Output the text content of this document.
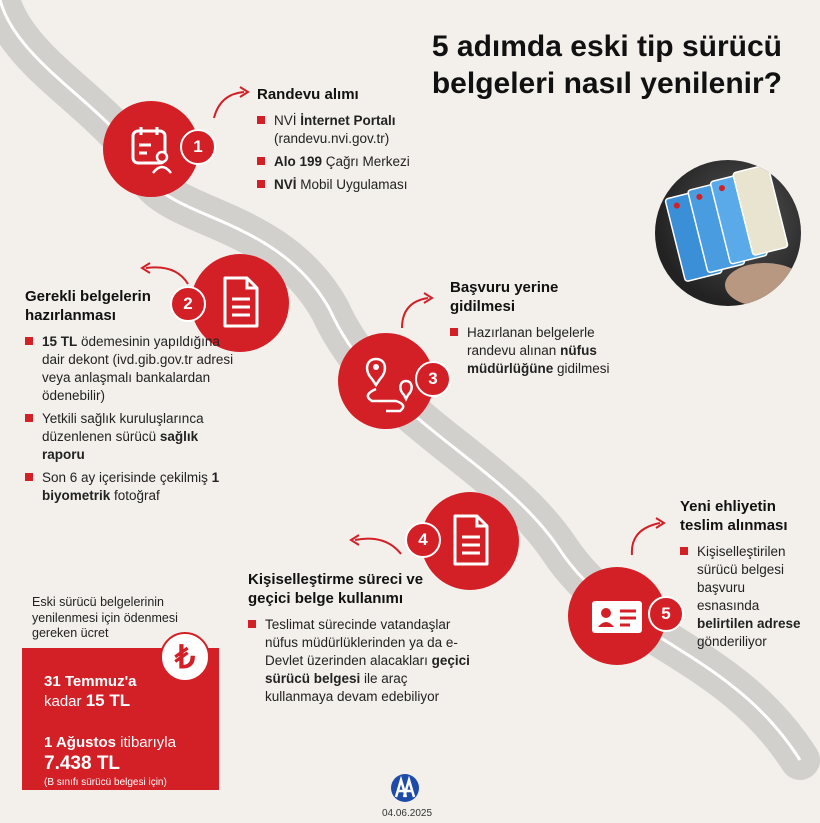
5 adımda eski tip sürücü belgeleri nasıl yenilenir?
1
Randevu alımı
NVİ İnternet Portalı (randevu.nvi.gov.tr)
Alo 199 Çağrı Merkezi
NVİ Mobil Uygulaması
2
Gerekli belgelerin hazırlanması
15 TL ödemesinin yapıldığına dair dekont (ivd.gib.gov.tr adresi veya anlaşmalı bankalardan ödenebilir)
Yetkili sağlık kuruluşlarınca düzenlenen sürücü sağlık raporu
Son 6 ay içerisinde çekilmiş 1 biyometrik fotoğraf
3
Başvuru yerine gidilmesi
Hazırlanan belgelerle randevu alınan nüfus müdürlüğüne gidilmesi
4
Kişiselleştirme süreci ve geçici belge kullanımı
Teslimat sürecinde vatandaşlar nüfus müdürlüklerinden ya da e-Devlet üzerinden alacakları geçici sürücü belgesi ile araç kullanmaya devam edebiliyor
5
Yeni ehliyetin teslim alınması
Kişiselleştirilen sürücü belgesi başvuru esnasında belirtilen adrese gönderiliyor
Eski sürücü belgelerinin yenilenmesi için ödenmesi gereken ücret
31 Temmuz'a
kadar 15 TL
1 Ağustos itibarıyla
7.438 TL
(B sınıfı sürücü belgesi için)
₺
04.06.2025
